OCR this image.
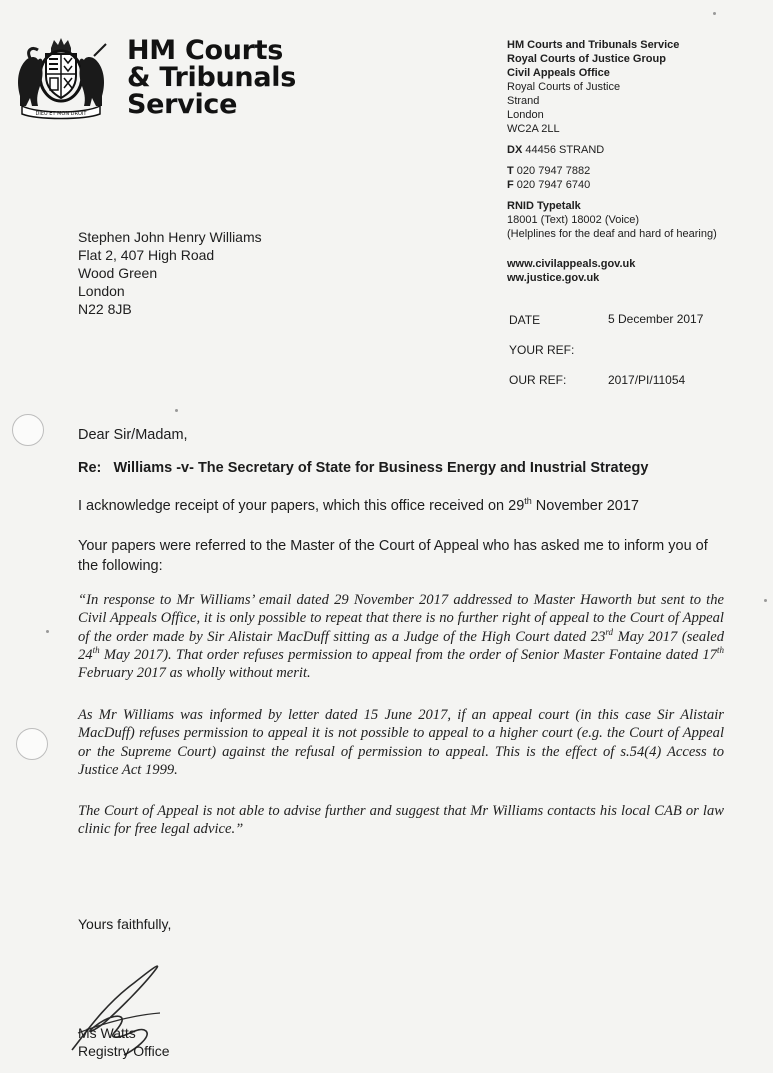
DIEU ET MON DROIT
HM Courts
& Tribunals
Service
HM Courts and Tribunals Service
Royal Courts of Justice Group
Civil Appeals Office
Royal Courts of Justice
Strand
London
WC2A 2LL
DX 44456 STRAND
T 020 7947 7882
F 020 7947 6740
RNID Typetalk
18001 (Text) 18002 (Voice)
(Helplines for the deaf and hard of hearing)
www.civilappeals.gov.uk
ww.justice.gov.uk
DATE	5 December 2017
YOUR REF:
OUR REF:	2017/PI/11054
Stephen John Henry Williams
Flat 2, 407 High Road
Wood Green
London
N22 8JB
Dear Sir/Madam,
Re: Williams -v- The Secretary of State for Business Energy and Inustrial Strategy
I acknowledge receipt of your papers, which this office received on 29th November 2017
Your papers were referred to the Master of the Court of Appeal who has asked me to inform you of the following:
“In response to Mr Williams’ email dated 29 November 2017 addressed to Master Haworth but sent to the Civil Appeals Office, it is only possible to repeat that there is no further right of appeal to the Court of Appeal of the order made by Sir Alistair MacDuff sitting as a Judge of the High Court dated 23rd May 2017 (sealed 24th May 2017). That order refuses permission to appeal from the order of Senior Master Fontaine dated 17th February 2017 as wholly without merit.
As Mr Williams was informed by letter dated 15 June 2017, if an appeal court (in this case Sir Alistair MacDuff) refuses permission to appeal it is not possible to appeal to a higher court (e.g. the Court of Appeal or the Supreme Court) against the refusal of permission to appeal. This is the effect of s.54(4) Access to Justice Act 1999.
The Court of Appeal is not able to advise further and suggest that Mr Williams contacts his local CAB or law clinic for free legal advice.”
Yours faithfully,
Ms Watts
Registry Office
